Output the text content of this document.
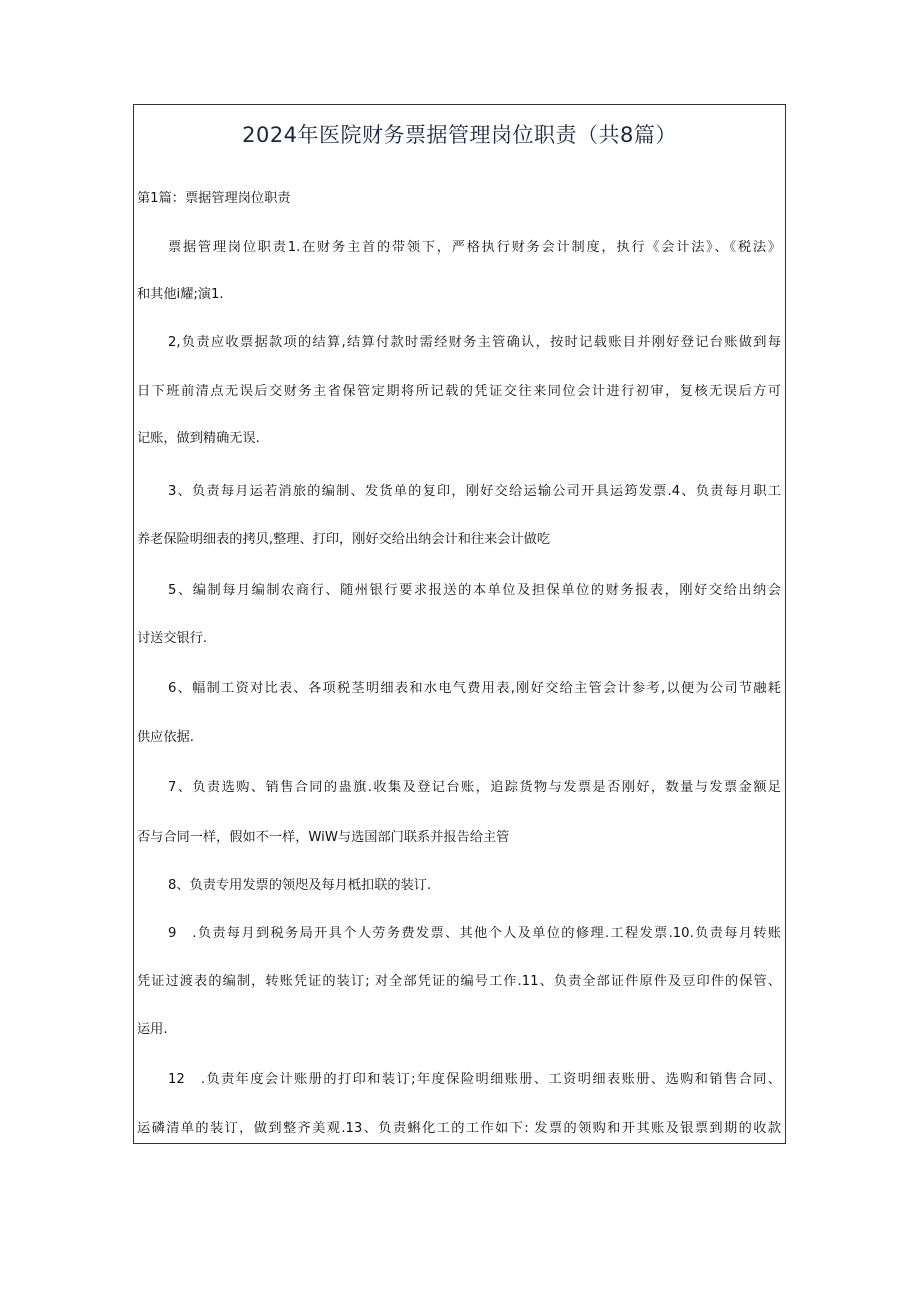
2024年医院财务票据管理岗位职责（共8篇）
第1篇：票据管理岗位职责
票据管理岗位职责1.在财务主首的带领下，严格执行财务会计制度，执行《会计法》、《税法》
和其他i耀;演1.
2,负责应收票据款项的结算,结算付款时需经财务主管确认，按时记载账目并刚好登记台账做到每
日下班前清点无误后交财务主省保管定期将所记载的凭证交往来同位会计进行初审，复核无误后方可
记账，做到精确无误.
3、负责每月运若消旅的编制、发货单的复印，刚好交给运输公司开具运筠发票.4、负责每月职工
养老保险明细表的拷贝,整理、打印，刚好交给出纳会计和往来会计做吃
5、编制每月编制农商行、随州银行要求报送的本单位及担保单位的财务报表，刚好交给出纳会
讨送交银行.
6、幅制工资对比表、各项税茎明细表和水电气费用表,刚好交给主管会计参考,以便为公司节融耗
供应依据.
7、负责选购、销售合同的蛊旗.收集及登记台账，追踪货物与发票是否刚好，数量与发票金额足
否与合同一样，假如不一样，WiW与选国部门联系并报告给主管
8、负责专用发票的领咫及每月柢扣联的装订.
9　.负责每月到税务局开具个人劳务费发票、其他个人及单位的修理.工程发票.10.负责每月转账
凭证过渡表的编制，转账凭证的装订; 对全部凭证的编号工作.11、负责全部证件原件及豆印件的保管、
运用.
12　.负责年度会计账册的打印和装订;年度保险明细账册、工资明细表账册、选购和销售合同、
运磷清单的装订，做到整齐美观.13、负责蝌化工的工作如下: 发票的领购和开其账及银票到期的收款
